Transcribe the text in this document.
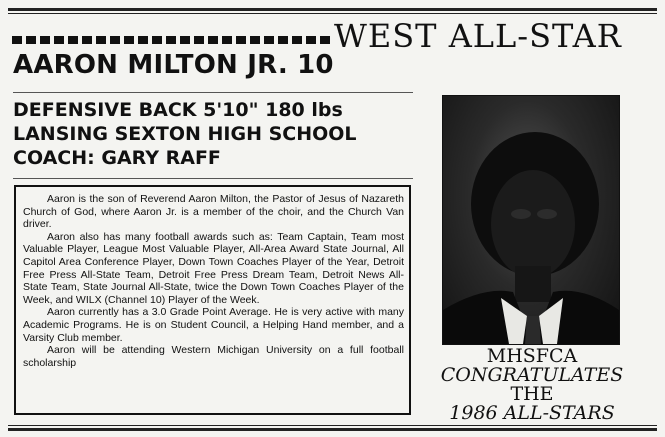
WEST ALL-STAR
AARON MILTON JR. 10
DEFENSIVE BACK 5'10" 180 lbs
LANSING SEXTON HIGH SCHOOL
COACH: GARY RAFF

Aaron is the son of Reverend Aaron Milton, the Pastor of Jesus of Nazareth Church of God, where Aaron Jr. is a member of the choir, and the Church Van driver.

Aaron also has many football awards such as: Team Captain, Team most Valuable Player, League Most Valuable Player, All-Area Award State Journal, All Capitol Area Conference Player, Down Town Coaches Player of the Year, Detroit Free Press All-State Team, Detroit Free Press Dream Team, Detroit News All-State Team, State Journal All-State, twice the Down Town Coaches Player of the Week, and WILX (Channel 10) Player of the Week.

Aaron currently has a 3.0 Grade Point Average. He is very active with many Academic Programs. He is on Student Council, a Helping Hand member, and a Varsity Club member.

Aaron will be attending Western Michigan University on a full football scholarship	MHSFCA
CONGRATULATES
THE
1986 ALL-STARS
